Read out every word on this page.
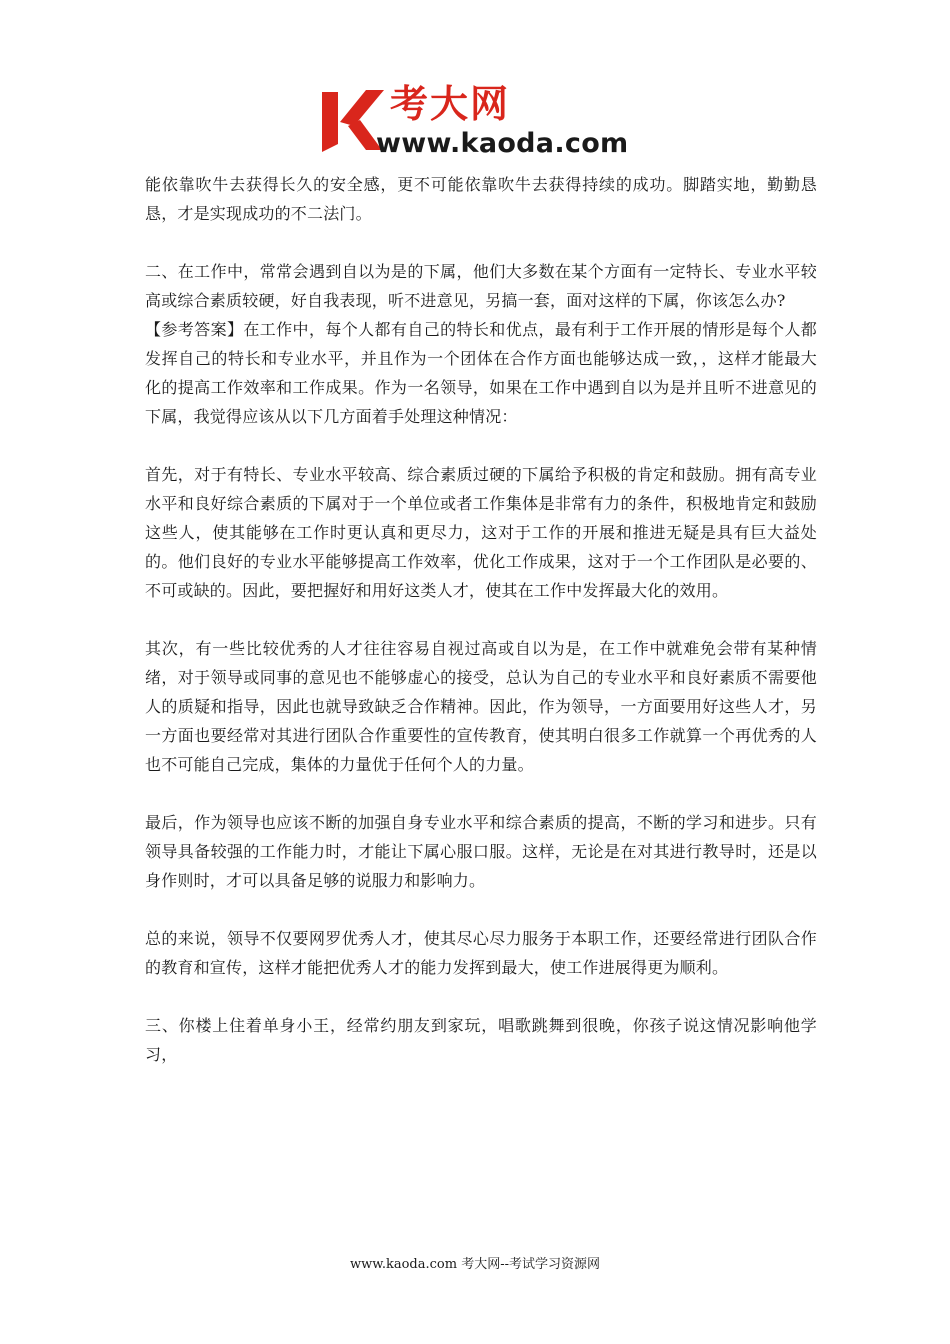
考大网
www.kaoda.com

能依靠吹牛去获得长久的安全感，更不可能依靠吹牛去获得持续的成功。脚踏实地，勤勤恳恳，才是实现成功的不二法门。

二、在工作中，常常会遇到自以为是的下属，他们大多数在某个方面有一定特长、专业水平较高或综合素质较硬，好自我表现，听不进意见，另搞一套，面对这样的下属，你该怎么办?
【参考答案】在工作中，每个人都有自己的特长和优点，最有利于工作开展的情形是每个人都发挥自己的特长和专业水平，并且作为一个团体在合作方面也能够达成一致，，这样才能最大化的提高工作效率和工作成果。作为一名领导，如果在工作中遇到自以为是并且听不进意见的下属，我觉得应该从以下几方面着手处理这种情况：

首先，对于有特长、专业水平较高、综合素质过硬的下属给予积极的肯定和鼓励。拥有高专业水平和良好综合素质的下属对于一个单位或者工作集体是非常有力的条件，积极地肯定和鼓励这些人，使其能够在工作时更认真和更尽力，这对于工作的开展和推进无疑是具有巨大益处的。他们良好的专业水平能够提高工作效率，优化工作成果，这对于一个工作团队是必要的、不可或缺的。因此，要把握好和用好这类人才，使其在工作中发挥最大化的效用。

其次，有一些比较优秀的人才往往容易自视过高或自以为是，在工作中就难免会带有某种情绪，对于领导或同事的意见也不能够虚心的接受，总认为自己的专业水平和良好素质不需要他人的质疑和指导，因此也就导致缺乏合作精神。因此，作为领导，一方面要用好这些人才，另一方面也要经常对其进行团队合作重要性的宣传教育，使其明白很多工作就算一个再优秀的人也不可能自己完成，集体的力量优于任何个人的力量。

最后，作为领导也应该不断的加强自身专业水平和综合素质的提高，不断的学习和进步。只有领导具备较强的工作能力时，才能让下属心服口服。这样，无论是在对其进行教导时，还是以身作则时，才可以具备足够的说服力和影响力。

总的来说，领导不仅要网罗优秀人才，使其尽心尽力服务于本职工作，还要经常进行团队合作的教育和宣传，这样才能把优秀人才的能力发挥到最大，使工作进展得更为顺利。

三、你楼上住着单身小王，经常约朋友到家玩，唱歌跳舞到很晚，你孩子说这情况影响他学习，

www.kaoda.com 考大网--考试学习资源网
